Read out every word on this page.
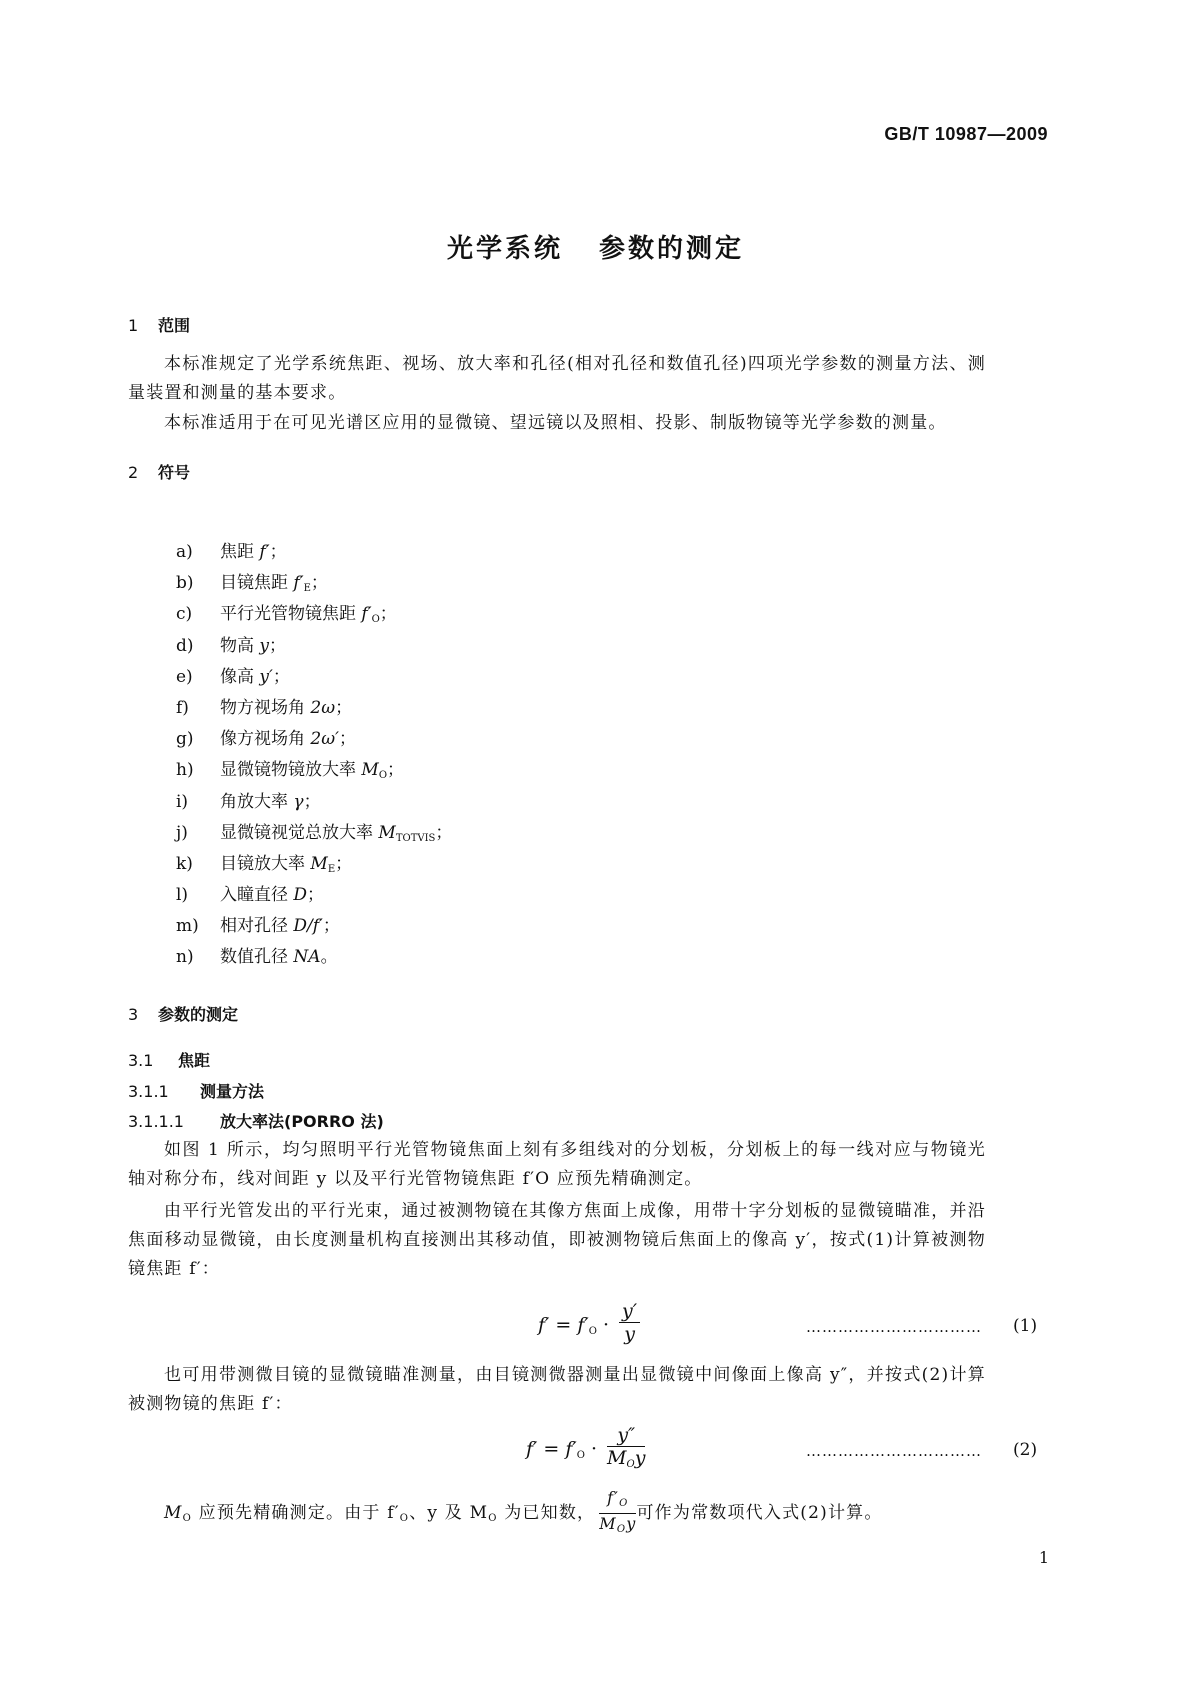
GB/T 10987—2009
光学系统 参数的测定
1 范围
本标准规定了光学系统焦距、视场、放大率和孔径(相对孔径和数值孔径)四项光学参数的测量方法、测量装置和测量的基本要求。
本标准适用于在可见光谱区应用的显微镜、望远镜以及照相、投影、制版物镜等光学参数的测量。
2 符号
a) 焦距 f′；
b) 目镜焦距 $f'_E$；
c) 平行光管物镜焦距 $f'_O$；
d) 物高 y；
e) 像高 y′；
f) 物方视场角 2ω；
g) 像方视场角 2ω′；
h) 显微镜物镜放大率 $M_O$；
i) 角放大率 γ；
j) 显微镜视觉总放大率 $M_{TOTVIS}$；
k) 目镜放大率 $M_E$；
l) 入瞳直径 D；
m) 相对孔径 D/f′；
n) 数值孔径 NA。
3 参数的测定
3.1 焦距
3.1.1 测量方法
3.1.1.1 放大率法(PORRO 法)
如图 1 所示，均匀照明平行光管物镜焦面上刻有多组线对的分划板，分划板上的每一线对应与物镜光轴对称分布，线对间距 y 以及平行光管物镜焦距 f′O 应预先精确测定。
由平行光管发出的平行光束，通过被测物镜在其像方焦面上成像，用带十字分划板的显微镜瞄准，并沿焦面移动显微镜，由长度测量机构直接测出其移动值，即被测物镜后焦面上的像高 y′，按式(1)计算被测物镜焦距 f′：
$f' = f'_O \cdot \frac{y'}{y}$	…………………………… (1)
也可用带测微目镜的显微镜瞄准测量，由目镜测微器测量出显微镜中间像面上像高 y″，并按式(2)计算被测物镜的焦距 f′：
$f' = f'_O \cdot \frac{y''}{M_Oy}$	…………………………… (2)
$M_O$ 应预先精确测定。由于 $f'_O$、y 及 $M_O$ 为已知数， $\frac{f'_O}{M_Oy}$ 可作为常数项代入式(2)计算。
1
